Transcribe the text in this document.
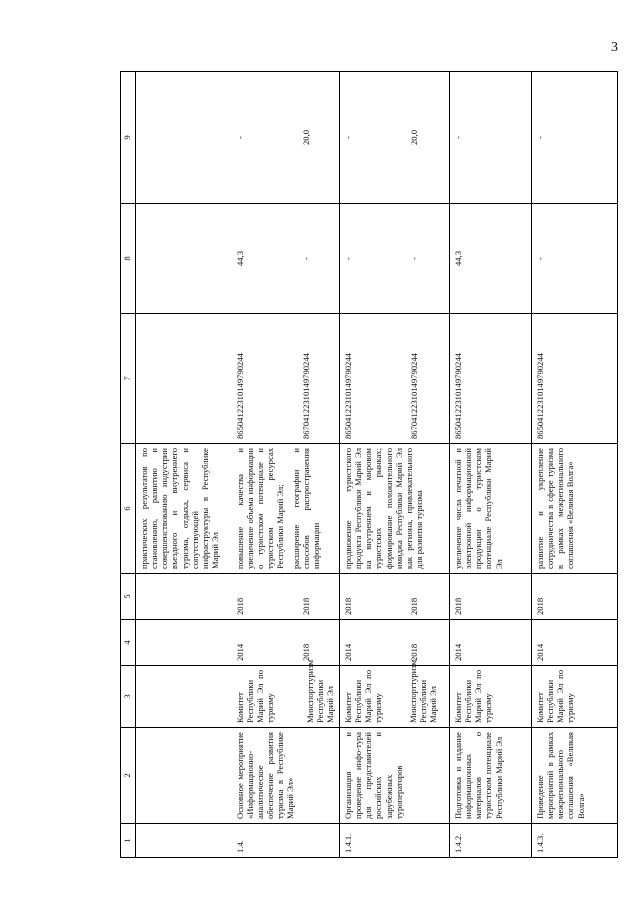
3
1	2	3	4	5	6	7	8	9
					практических результатов по становлению, развитию и совершенствованию индустрии въездного и внутреннего туризма, отдыха, сервиса и сопутствующей инфраструктуры в Республике Марий Эл			
1.4.	Основное мероприятие «Информационно-аналитическое обеспечение развития туризма в Республике Марий Эл»	Комитет Республики Марий Эл по туризму Минспорттуризм Республики Марий Эл	2014 2018	2018 2018	повышение качества и увеличение объема информации о туристском потенциале и туристском ресурсах Республики Марий Эл; расширение географии и способов распространения информации	86504122310149790244 86704122310149790244	44,3 -	- 20,0

1.4.1.	Организация и проведение инфо-тура для представителей российских и зарубежных туроператоров	Комитет Республики Марий Эл по туризму Минспорттуризм Республики Марий Эл	2014 2018	2018 2018	продвижение туристского продукта Республики Марий Эл на внутреннем и мировом туристских рынках; формирование положительного имиджа Республики Марий Эл как региона, привлекательного для развития туризма	86504122310149790244 86704122310149790244	- -	- 20,0

1.4.2.	Подготовка и издание информационных материалов о туристском потенциале Республики Марий Эл	Комитет Республики Марий Эл по туризму	2014	2018	увеличение числа печатной и электронной информационной продукции о туристском потенциале Республики Марий Эл	86504122310149790244	44,3	-
1.4.3.	Проведение мероприятий в рамках межрегионального соглашения «Великая Волга»	Комитет Республики Марий Эл по туризму	2014	2018	развитие и укрепление сотрудничества в сфере туризма в рамках межрегионального соглашения «Великая Волга»	86504122310149790244	-	-
